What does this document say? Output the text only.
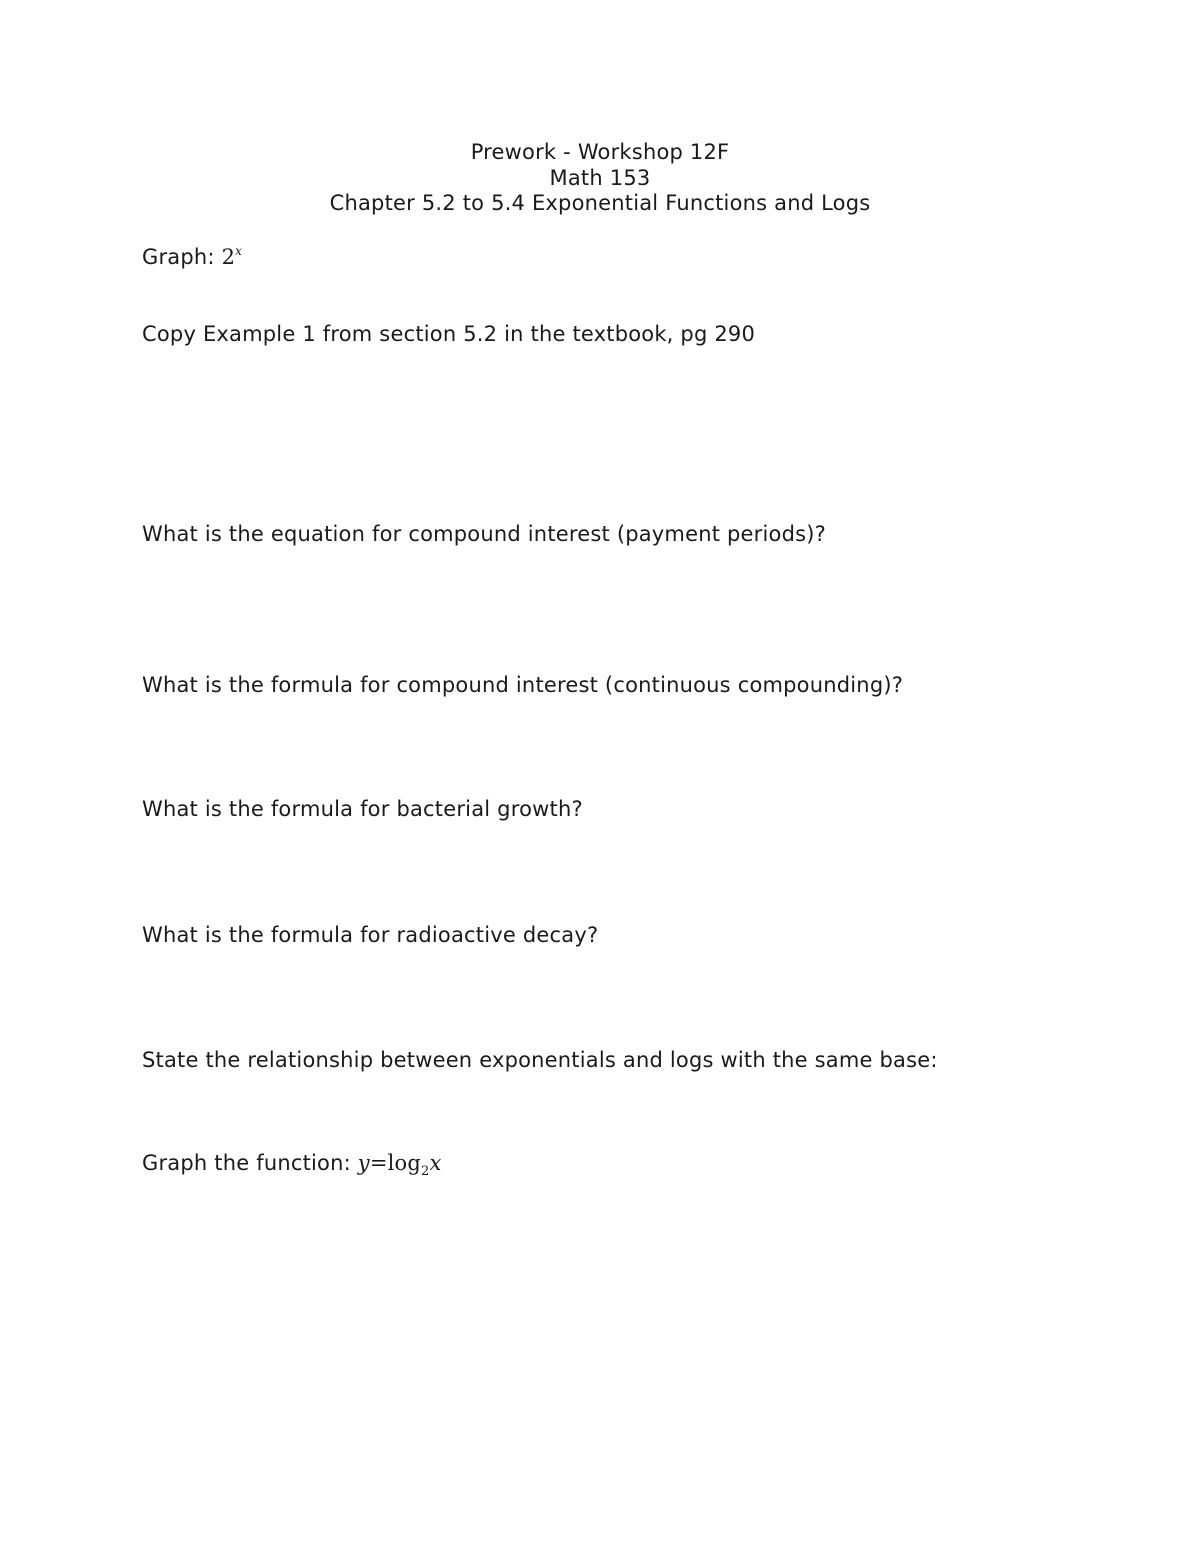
Prework - Workshop 12F
Math 153
Chapter 5.2 to 5.4 Exponential Functions and Logs
Graph: 2$^x$
Copy Example 1 from section 5.2 in the textbook, pg 290
What is the equation for compound interest (payment periods)?
What is the formula for compound interest (continuous compounding)?
What is the formula for bacterial growth?
What is the formula for radioactive decay?
State the relationship between exponentials and logs with the same base:
Graph the function: $y=\log_2x$
